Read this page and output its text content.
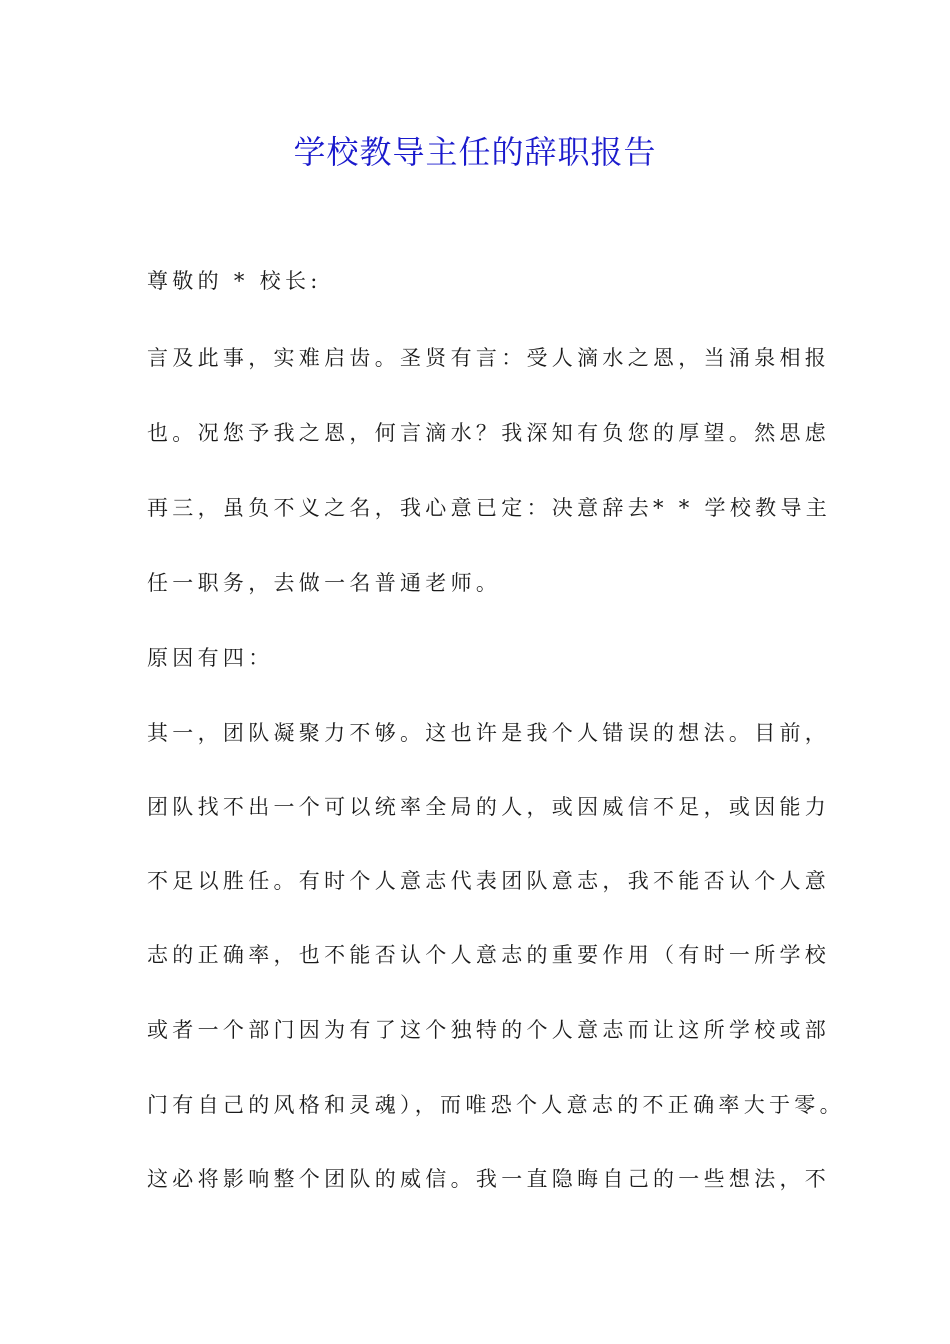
学校教导主任的辞职报告
尊敬的 * 校长:
言及此事，实难启齿。圣贤有言：受人滴水之恩，当涌泉相报
也。况您予我之恩，何言滴水？我深知有负您的厚望。然思虑
再三，虽负不义之名，我心意已定：决意辞去* * 学校教导主
任一职务，去做一名普通老师。
原因有四：
其一，团队凝聚力不够。这也许是我个人错误的想法。目前，
团队找不出一个可以统率全局的人，或因威信不足，或因能力
不足以胜任。有时个人意志代表团队意志，我不能否认个人意
志的正确率，也不能否认个人意志的重要作用（有时一所学校
或者一个部门因为有了这个独特的个人意志而让这所学校或部
门有自己的风格和灵魂），而唯恐个人意志的不正确率大于零。
这必将影响整个团队的威信。我一直隐晦自己的一些想法，不
